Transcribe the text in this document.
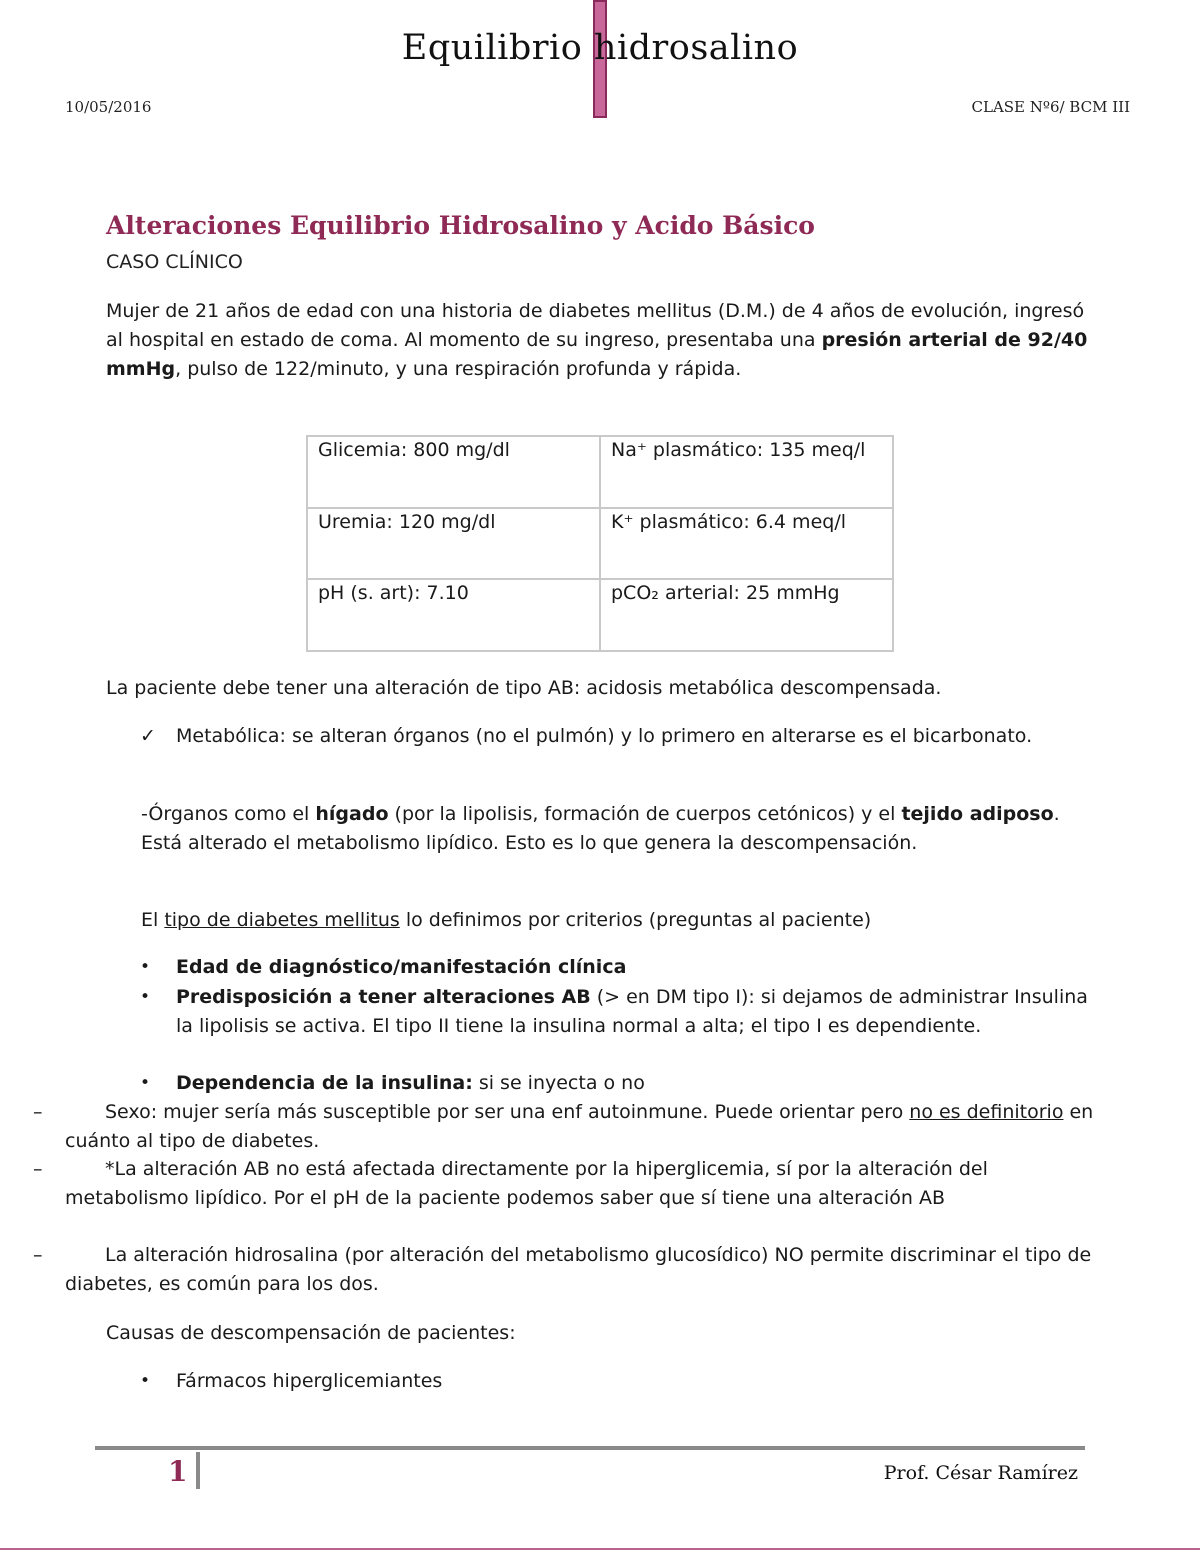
Equilibrio hidrosalino
10/05/2016	CLASE Nº6/ BCM III
Alteraciones Equilibrio Hidrosalino y Acido Básico
CASO CLÍNICO
Mujer de 21 años de edad con una historia de diabetes mellitus (D.M.) de 4 años de evolución, ingresó al hospital en estado de coma. Al momento de su ingreso, presentaba una presión arterial de 92/40 mmHg, pulso de 122/minuto, y una respiración profunda y rápida.
Glicemia: 800 mg/dl	Na⁺ plasmático: 135 meq/l
Uremia: 120 mg/dl	K⁺ plasmático: 6.4 meq/l
pH (s. art): 7.10	pCO₂ arterial: 25 mmHg
La paciente debe tener una alteración de tipo AB: acidosis metabólica descompensada.
✓ Metabólica: se alteran órganos (no el pulmón) y lo primero en alterarse es el bicarbonato.
-Órganos como el hígado (por la lipolisis, formación de cuerpos cetónicos) y el tejido adiposo. Está alterado el metabolismo lipídico. Esto es lo que genera la descompensación.
El tipo de diabetes mellitus lo definimos por criterios (preguntas al paciente)
• Edad de diagnóstico/manifestación clínica
• Predisposición a tener alteraciones AB (> en DM tipo I): si dejamos de administrar Insulina la lipolisis se activa. El tipo II tiene la insulina normal a alta; el tipo I es dependiente.
• Dependencia de la insulina: si se inyecta o no
–	Sexo: mujer sería más susceptible por ser una enf autoinmune. Puede orientar pero no es definitorio en cuánto al tipo de diabetes.
–	*La alteración AB no está afectada directamente por la hiperglicemia, sí por la alteración del metabolismo lipídico. Por el pH de la paciente podemos saber que sí tiene una alteración AB
–	La alteración hidrosalina (por alteración del metabolismo glucosídico) NO permite discriminar el tipo de diabetes, es común para los dos.
Causas de descompensación de pacientes:
• Fármacos hiperglicemiantes
1	Prof. César Ramírez
